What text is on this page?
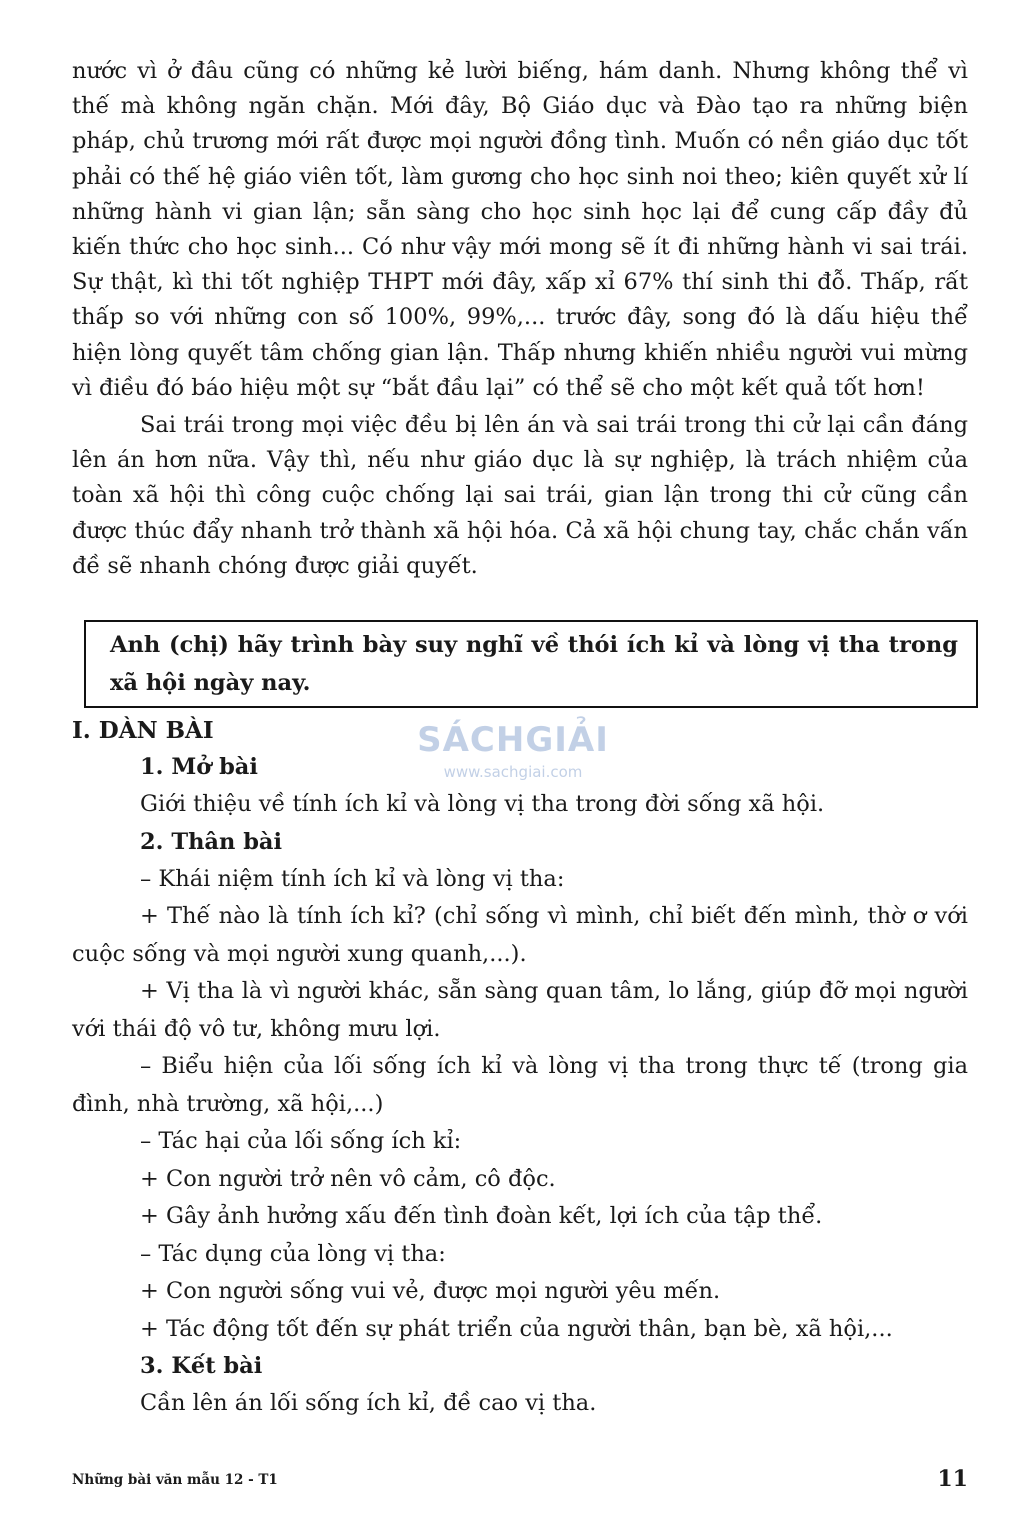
nước vì ở đâu cũng có những kẻ lười biếng, hám danh. Nhưng không thể vì thế mà không ngăn chặn. Mới đây, Bộ Giáo dục và Đào tạo ra những biện pháp, chủ trương mới rất được mọi người đồng tình. Muốn có nền giáo dục tốt phải có thế hệ giáo viên tốt, làm gương cho học sinh noi theo; kiên quyết xử lí những hành vi gian lận; sẵn sàng cho học sinh học lại để cung cấp đầy đủ kiến thức cho học sinh... Có như vậy mới mong sẽ ít đi những hành vi sai trái. Sự thật, kì thi tốt nghiệp THPT mới đây, xấp xỉ 67% thí sinh thi đỗ. Thấp, rất thấp so với những con số 100%, 99%,... trước đây, song đó là dấu hiệu thể hiện lòng quyết tâm chống gian lận. Thấp nhưng khiến nhiều người vui mừng vì điều đó báo hiệu một sự “bắt đầu lại” có thể sẽ cho một kết quả tốt hơn!

Sai trái trong mọi việc đều bị lên án và sai trái trong thi cử lại cần đáng lên án hơn nữa. Vậy thì, nếu như giáo dục là sự nghiệp, là trách nhiệm của toàn xã hội thì công cuộc chống lại sai trái, gian lận trong thi cử cũng cần được thúc đẩy nhanh trở thành xã hội hóa. Cả xã hội chung tay, chắc chắn vấn đề sẽ nhanh chóng được giải quyết.

Anh (chị) hãy trình bày suy nghĩ về thói ích kỉ và lòng vị tha trong xã hội ngày nay.

I. DÀN BÀI

1. Mở bài

Giới thiệu về tính ích kỉ và lòng vị tha trong đời sống xã hội.

2. Thân bài

– Khái niệm tính ích kỉ và lòng vị tha:

+ Thế nào là tính ích kỉ? (chỉ sống vì mình, chỉ biết đến mình, thờ ơ với cuộc sống và mọi người xung quanh,...).

+ Vị tha là vì người khác, sẵn sàng quan tâm, lo lắng, giúp đỡ mọi người với thái độ vô tư, không mưu lợi.

– Biểu hiện của lối sống ích kỉ và lòng vị tha trong thực tế (trong gia đình, nhà trường, xã hội,...)

– Tác hại của lối sống ích kỉ:

+ Con người trở nên vô cảm, cô độc.

+ Gây ảnh hưởng xấu đến tình đoàn kết, lợi ích của tập thể.

– Tác dụng của lòng vị tha:

+ Con người sống vui vẻ, được mọi người yêu mến.

+ Tác động tốt đến sự phát triển của người thân, bạn bè, xã hội,...

3. Kết bài

Cần lên án lối sống ích kỉ, đề cao vị tha.

SÁCHGIẢI
www.sachgiai.com
Những bài văn mẫu 12 - T1	11
